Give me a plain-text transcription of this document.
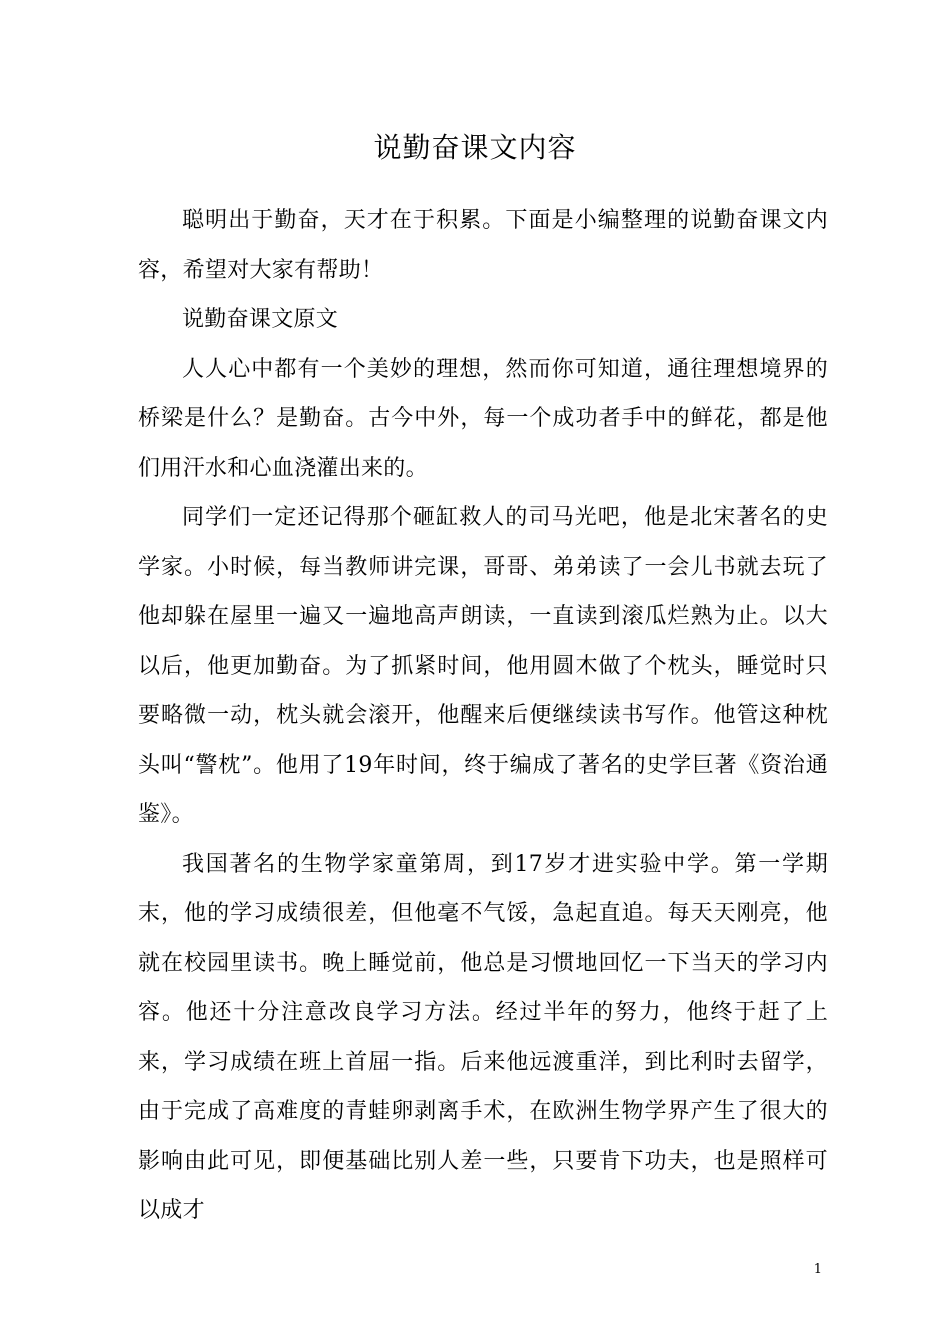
说勤奋课文内容

聪明出于勤奋，天才在于积累。下面是小编整理的说勤奋课文内容，希望对大家有帮助！

说勤奋课文原文

人人心中都有一个美妙的理想，然而你可知道，通往理想境界的桥梁是什么？是勤奋。古今中外，每一个成功者手中的鲜花，都是他们用汗水和心血浇灌出来的。

同学们一定还记得那个砸缸救人的司马光吧，他是北宋著名的史学家。小时候，每当教师讲完课，哥哥、弟弟读了一会儿书就去玩了他却躲在屋里一遍又一遍地高声朗读，一直读到滚瓜烂熟为止。以大以后，他更加勤奋。为了抓紧时间，他用圆木做了个枕头，睡觉时只要略微一动，枕头就会滚开，他醒来后便继续读书写作。他管这种枕头叫“警枕”。他用了19年时间，终于编成了著名的史学巨著《资治通鉴》。

我国著名的生物学家童第周，到17岁才进实验中学。第一学期末，他的学习成绩很差，但他毫不气馁，急起直追。每天天刚亮，他就在校园里读书。晚上睡觉前，他总是习惯地回忆一下当天的学习内容。他还十分注意改良学习方法。经过半年的努力，他终于赶了上来，学习成绩在班上首屈一指。后来他远渡重洋，到比利时去留学，由于完成了高难度的青蛙卵剥离手术，在欧洲生物学界产生了很大的影响由此可见，即便基础比别人差一些，只要肯下功夫，也是照样可以成才

1
